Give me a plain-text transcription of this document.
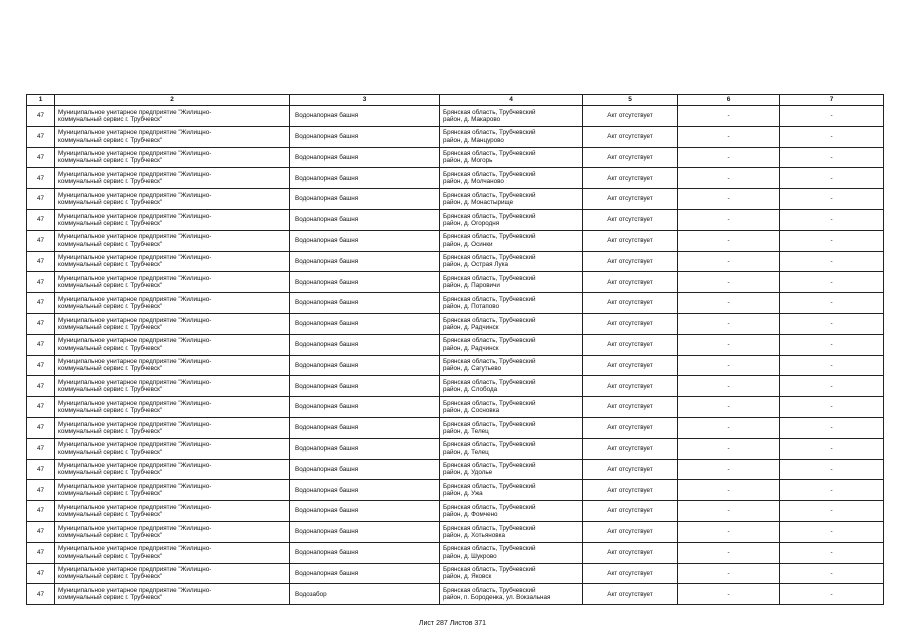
1	2	3	4	5	6	7
47	Муниципальное унитарное предприятие "Жилищно-
коммунальный сервис г. Трубчевск"	Водонапорная башня	Брянская область, Трубчевский
район, д. Макарово	Акт отсутствует	-	-
47	Муниципальное унитарное предприятие "Жилищно-
коммунальный сервис г. Трубчевск"	Водонапорная башня	Брянская область, Трубчевский
район, д. Манцурово	Акт отсутствует	-	-
47	Муниципальное унитарное предприятие "Жилищно-
коммунальный сервис г. Трубчевск"	Водонапорная башня	Брянская область, Трубчевский
район, д. Могорь	Акт отсутствует	-	-
47	Муниципальное унитарное предприятие "Жилищно-
коммунальный сервис г. Трубчевск"	Водонапорная башня	Брянская область, Трубчевский
район, д. Молчаново	Акт отсутствует	-	-
47	Муниципальное унитарное предприятие "Жилищно-
коммунальный сервис г. Трубчевск"	Водонапорная башня	Брянская область, Трубчевский
район, д. Монастырище	Акт отсутствует	-	-
47	Муниципальное унитарное предприятие "Жилищно-
коммунальный сервис г. Трубчевск"	Водонапорная башня	Брянская область, Трубчевский
район, д. Огородня	Акт отсутствует	-	-
47	Муниципальное унитарное предприятие "Жилищно-
коммунальный сервис г. Трубчевск"	Водонапорная башня	Брянская область, Трубчевский
район, д. Осинки	Акт отсутствует	-	-
47	Муниципальное унитарное предприятие "Жилищно-
коммунальный сервис г. Трубчевск"	Водонапорная башня	Брянская область, Трубчевский
район, д. Острая Лука	Акт отсутствует	-	-
47	Муниципальное унитарное предприятие "Жилищно-
коммунальный сервис г. Трубчевск"	Водонапорная башня	Брянская область, Трубчевский
район, д. Паровичи	Акт отсутствует	-	-
47	Муниципальное унитарное предприятие "Жилищно-
коммунальный сервис г. Трубчевск"	Водонапорная башня	Брянская область, Трубчевский
район, д. Потапово	Акт отсутствует	-	-
47	Муниципальное унитарное предприятие "Жилищно-
коммунальный сервис г. Трубчевск"	Водонапорная башня	Брянская область, Трубчевский
район, д. Радчинск	Акт отсутствует	-	-
47	Муниципальное унитарное предприятие "Жилищно-
коммунальный сервис г. Трубчевск"	Водонапорная башня	Брянская область, Трубчевский
район, д. Радчинск	Акт отсутствует	-	-
47	Муниципальное унитарное предприятие "Жилищно-
коммунальный сервис г. Трубчевск"	Водонапорная башня	Брянская область, Трубчевский
район, д. Сагутьево	Акт отсутствует	-	-
47	Муниципальное унитарное предприятие "Жилищно-
коммунальный сервис г. Трубчевск"	Водонапорная башня	Брянская область, Трубчевский
район, д. Слобода	Акт отсутствует	-	-
47	Муниципальное унитарное предприятие "Жилищно-
коммунальный сервис г. Трубчевск"	Водонапорная башня	Брянская область, Трубчевский
район, д. Сосновка	Акт отсутствует	-	-
47	Муниципальное унитарное предприятие "Жилищно-
коммунальный сервис г. Трубчевск"	Водонапорная башня	Брянская область, Трубчевский
район, д. Телец	Акт отсутствует	-	-
47	Муниципальное унитарное предприятие "Жилищно-
коммунальный сервис г. Трубчевск"	Водонапорная башня	Брянская область, Трубчевский
район, д. Телец	Акт отсутствует	-	-
47	Муниципальное унитарное предприятие "Жилищно-
коммунальный сервис г. Трубчевск"	Водонапорная башня	Брянская область, Трубчевский
район, д. Удолье	Акт отсутствует	-	-
47	Муниципальное унитарное предприятие "Жилищно-
коммунальный сервис г. Трубчевск"	Водонапорная башня	Брянская область, Трубчевский
район, д. Ужа	Акт отсутствует	-	-
47	Муниципальное унитарное предприятие "Жилищно-
коммунальный сервис г. Трубчевск"	Водонапорная башня	Брянская область, Трубчевский
район, д. Фомчено	Акт отсутствует	-	-
47	Муниципальное унитарное предприятие "Жилищно-
коммунальный сервис г. Трубчевск"	Водонапорная башня	Брянская область, Трубчевский
район, д. Хотьяновка	Акт отсутствует	-	-
47	Муниципальное унитарное предприятие "Жилищно-
коммунальный сервис г. Трубчевск"	Водонапорная башня	Брянская область, Трубчевский
район, д. Шукрово	Акт отсутствует	-	-
47	Муниципальное унитарное предприятие "Жилищно-
коммунальный сервис г. Трубчевск"	Водонапорная башня	Брянская область, Трубчевский
район, д. Яковск	Акт отсутствует	-	-
47	Муниципальное унитарное предприятие "Жилищно-
коммунальный сервис г. Трубчевск"	Водозабор	Брянская область, Трубчевский
район, п. Бороденка, ул. Вокзальная	Акт отсутствует	-	-
Лист 287 Листов 371
